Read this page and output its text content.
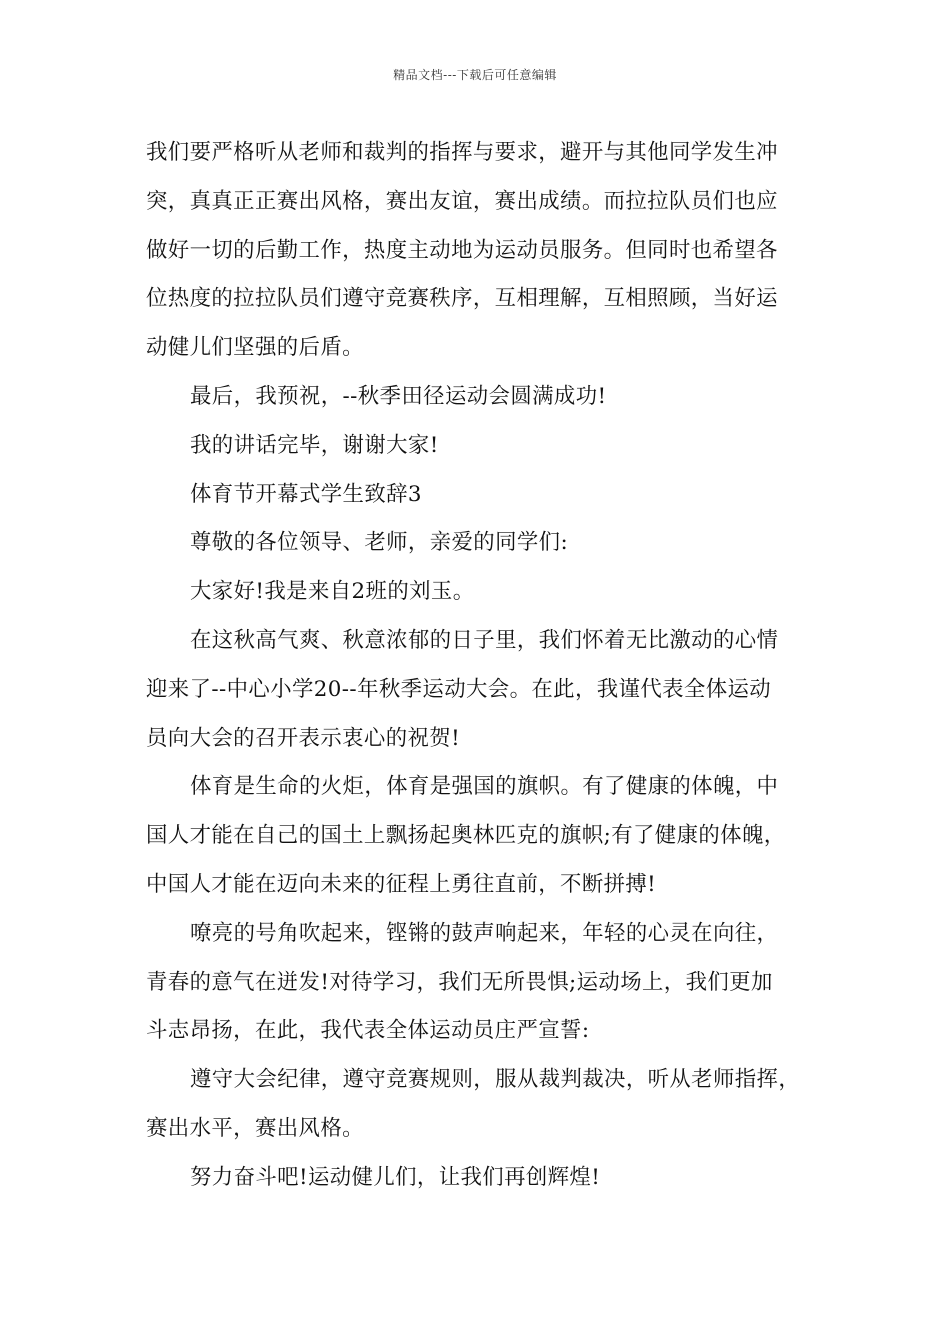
精品文档---下载后可任意编辑
我们要严格听从老师和裁判的指挥与要求，避开与其他同学发生冲
突，真真正正赛出风格，赛出友谊，赛出成绩。而拉拉队员们也应
做好一切的后勤工作，热度主动地为运动员服务。但同时也希望各
位热度的拉拉队员们遵守竞赛秩序，互相理解，互相照顾，当好运
动健儿们坚强的后盾。
最后，我预祝，--秋季田径运动会圆满成功!
我的讲话完毕，谢谢大家!
体育节开幕式学生致辞3
尊敬的各位领导、老师，亲爱的同学们:
大家好!我是来自2班的刘玉。
在这秋高气爽、秋意浓郁的日子里，我们怀着无比激动的心情
迎来了--中心小学20--年秋季运动大会。在此，我谨代表全体运动
员向大会的召开表示衷心的祝贺!
体育是生命的火炬，体育是强国的旗帜。有了健康的体魄，中
国人才能在自己的国土上飘扬起奥林匹克的旗帜;有了健康的体魄，
中国人才能在迈向未来的征程上勇往直前，不断拼搏!
嘹亮的号角吹起来，铿锵的鼓声响起来，年轻的心灵在向往，
青春的意气在迸发!对待学习，我们无所畏惧;运动场上，我们更加
斗志昂扬，在此，我代表全体运动员庄严宣誓:
遵守大会纪律，遵守竞赛规则，服从裁判裁决，听从老师指挥，
赛出水平，赛出风格。
努力奋斗吧!运动健儿们，让我们再创辉煌!
